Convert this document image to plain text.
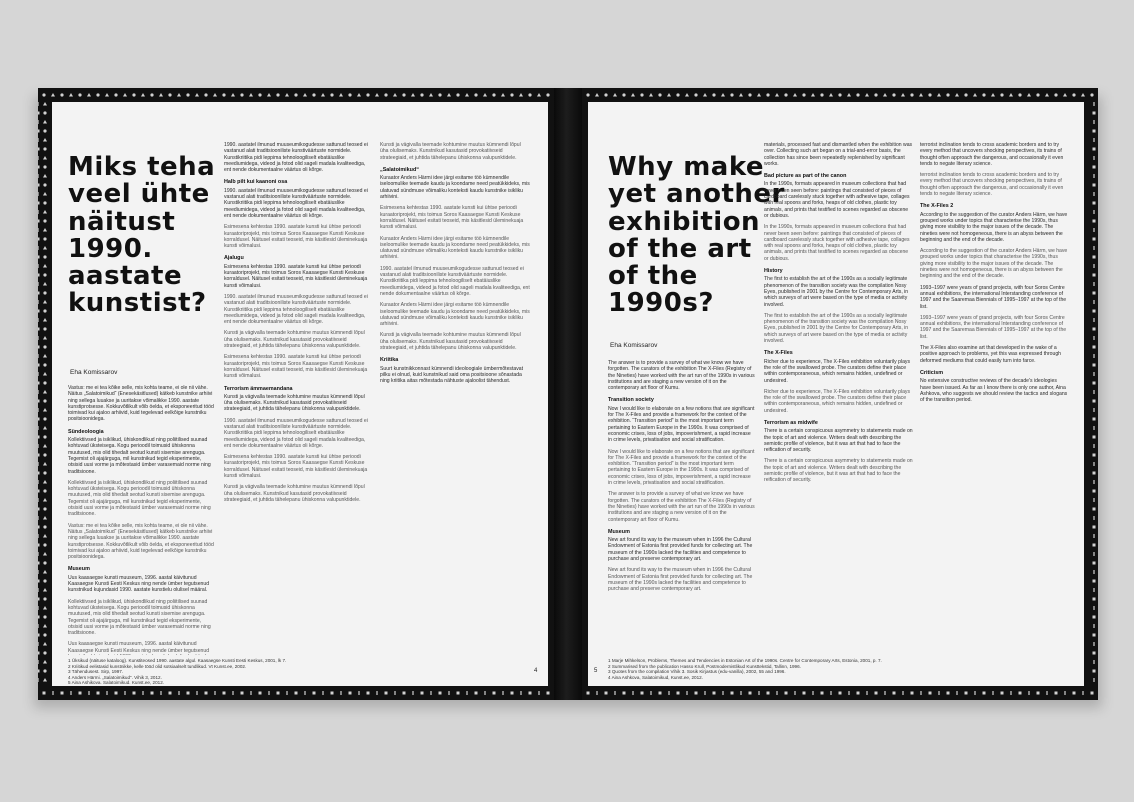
Miks teha veel ühte näitust 1990. aastate kunstist?
Eha Komissarov

Vastus: me ei tea kõike selle, mis kohta teame, ei ole nii vähe. Näitus „Salatoimikud“ (Enesekäsitlused) kätkeb kunstnike arhiivi ning sellega luuakse ja uuritakse võimalikke 1990. aastate kunstiprotsesse. Kokkuvõtlikult võib öelda, et eksponeeritud tööd toimivad kui ajaloo arhiivid, kuid tegelevad eelkõige kunstniku positsioonidega.

Sündeoloogia

Kollektiivsed ja isiklikud, ühiskondlikud ning poliitilised suunad kohtuvad üksteisega. Kogu perioodil toimusid ühiskonna muutused, mis olid tihedalt seotud kunsti sisemise arenguga. Tegemist oli ajajärguga, mil kunstnikud tegid eksperimente, otsisid uusi vorme ja mõtestasid ümber varasemaid norme ning traditsioone.

Kollektiivsed ja isiklikud, ühiskondlikud ning poliitilised suunad kohtuvad üksteisega. Kogu perioodil toimusid ühiskonna muutused, mis olid tihedalt seotud kunsti sisemise arenguga. Tegemist oli ajajärguga, mil kunstnikud tegid eksperimente, otsisid uusi vorme ja mõtestasid ümber varasemaid norme ning traditsioone.

Vastus: me ei tea kõike selle, mis kohta teame, ei ole nii vähe. Näitus „Salatoimikud“ (Enesekäsitlused) kätkeb kunstnike arhiivi ning sellega luuakse ja uuritakse võimalikke 1990. aastate kunstiprotsesse. Kokkuvõtlikult võib öelda, et eksponeeritud tööd toimivad kui ajaloo arhiivid, kuid tegelevad eelkõige kunstniku positsioonidega.

Museum

Uus kaasaegse kunsti muuseum, 1996. aastal käivitunud Kaasaegse Kunsti Eesti Keskus ning nende ümber tegutsenud kunstnikud kujundasid 1990. aastate kunstielu olulisel määral.

Kollektiivsed ja isiklikud, ühiskondlikud ning poliitilised suunad kohtuvad üksteisega. Kogu perioodil toimusid ühiskonna muutused, mis olid tihedalt seotud kunsti sisemise arenguga. Tegemist oli ajajärguga, mil kunstnikud tegid eksperimente, otsisid uusi vorme ja mõtestasid ümber varasemaid norme ning traditsioone.

Uus kaasaegse kunsti muuseum, 1996. aastal käivitunud Kaasaegse Kunsti Eesti Keskus ning nende ümber tegutsenud

1990. aastatel ilmunud muuseumikogudesse sattunud teosed ei vastanud alati traditsiooniliste kunstiväärtuste normidele. Kunstikriitika pidi leppima tehnoloogiliselt ebatäiuslike meediumidega, videod ja fotod olid sageli madala kvaliteediga, ent nende dokumentaalne väärtus oli kõrge.

Halb pilt kui kaanoni osa

1990. aastatel ilmunud muuseumikogudesse sattunud teosed ei vastanud alati traditsiooniliste kunstiväärtuste normidele. Kunstikriitika pidi leppima tehnoloogiliselt ebatäiuslike meediumidega, videod ja fotod olid sageli madala kvaliteediga, ent nende dokumentaalne väärtus oli kõrge.

Esimesena kehtestas 1990. aastate kunsti kui ühtse perioodi kuraatoriprojekt, mis toimus Soros Kaasaegse Kunsti Keskuse korraldusel. Näitusel esitati teoseid, mis käsitlesid üleminekuaja kunsti võimalusi.

Ajalugu

Esimesena kehtestas 1990. aastate kunsti kui ühtse perioodi kuraatoriprojekt, mis toimus Soros Kaasaegse Kunsti Keskuse korraldusel. Näitusel esitati teoseid, mis käsitlesid üleminekuaja kunsti võimalusi.

1990. aastatel ilmunud muuseumikogudesse sattunud teosed ei vastanud alati traditsiooniliste kunstiväärtuste normidele. Kunstikriitika pidi leppima tehnoloogiliselt ebatäiuslike meediumidega, videod ja fotod olid sageli madala kvaliteediga, ent nende dokumentaalne väärtus oli kõrge.

Kunsti ja vägivalla teemade kohtumine muutus kümnendi lõpul üha olulisemaks. Kunstnikud kasutasid provokatiivseid strateegiaid, et juhtida tähelepanu ühiskonna valupunktidele.

Esimesena kehtestas 1990. aastate kunsti kui ühtse perioodi kuraatoriprojekt, mis toimus Soros Kaasaegse Kunsti Keskuse korraldusel. Näitusel esitati teoseid, mis käsitlesid üleminekuaja kunsti võimalusi.

Terrorism ämmaemandana

Kunsti ja vägivalla teemade kohtumine muutus kümnendi lõpul üha olulisemaks. Kunstnikud kasutasid provokatiivseid strateegiaid, et juhtida tähelepanu ühiskonna valupunktidele.

1990. aastatel ilmunud muuseumikogudesse sattunud teosed ei vastanud alati traditsiooniliste kunstiväärtuste normidele. Kunstikriitika pidi leppima tehnoloogiliselt ebatäiuslike meediumidega, videod ja fotod olid sageli madala kvaliteediga, ent nende dokumentaalne väärtus oli kõrge.

Esimesena kehtestas 1990. aastate kunsti kui ühtse perioodi kuraatoriprojekt, mis toimus Soros Kaasaegse Kunsti Keskuse korraldusel. Näitusel esitati teoseid, mis käsitlesid üleminekuaja kunsti võimalusi.

Kunsti ja vägivalla teemade kohtumine muutus kümnendi lõpul üha olulisemaks. Kunstnikud kasutasid provokatiivseid strateegiaid, et juhtida tähelepanu ühiskonna valupunktidele.

Kunsti ja vägivalla teemade kohtumine muutus kümnendi lõpul üha olulisemaks. Kunstnikud kasutasid provokatiivseid strateegiaid, et juhtida tähelepanu ühiskonna valupunktidele.

„Salatoimikud“

Kuraator Anders Härmi idee järgi esitame töö kümnendile iseloomulike teemade kaudu ja koondame need peatükkideks, mis ulatuvad sündmuse võimaliku konteksti kaudu kunstnike isikliku arhiivini.

Esimesena kehtestas 1990. aastate kunsti kui ühtse perioodi kuraatoriprojekt, mis toimus Soros Kaasaegse Kunsti Keskuse korraldusel. Näitusel esitati teoseid, mis käsitlesid üleminekuaja kunsti võimalusi.

Kuraator Anders Härmi idee järgi esitame töö kümnendile iseloomulike teemade kaudu ja koondame need peatükkideks, mis ulatuvad sündmuse võimaliku konteksti kaudu kunstnike isikliku arhiivini.

1990. aastatel ilmunud muuseumikogudesse sattunud teosed ei vastanud alati traditsiooniliste kunstiväärtuste normidele. Kunstikriitika pidi leppima tehnoloogiliselt ebatäiuslike meediumidega, videod ja fotod olid sageli madala kvaliteediga, ent nende dokumentaalne väärtus oli kõrge.

Kuraator Anders Härmi idee järgi esitame töö kümnendile iseloomulike teemade kaudu ja koondame need peatükkideks, mis ulatuvad sündmuse võimaliku konteksti kaudu kunstnike isikliku arhiivini.

Kunsti ja vägivalla teemade kohtumine muutus kümnendi lõpul üha olulisemaks. Kunstnikud kasutasid provokatiivseid strateegiaid, et juhtida tähelepanu ühiskonna valupunktidele.

Kriitika

Suurt kunstnikkonnast kümnendi ideoloogiale ümbermõtestavat pilku ei olnud, kuid kunstnikud said oma positsioone sõnastada ning kriitika aitas mõtestada nähtuste ajaloolist tähendust.

1 Üksikud (näituse kataloog). Kunstiteosed 1990. aastate algul. Kaasaegse Kunsti Eesti Keskus, 2001, lk 7.
2 Kriitikud eelistasid kunstnikke, kelle tööd olid sotsiaalselt tundlikud. Vt Kunst.ee, 2002.
3 Tähendusest. Sirp, 1997.
4 Anders Härmi. „Salatoimikud“. Vihik 3, 2012.
5 Aina Ashikova. Salatoimikud. Kunst.ee, 2012.
4
Why make yet another exhibition of the art of the 1990s?
Eha Komissarov

The answer is to provide a survey of what we know we have forgotten. The curators of the exhibition The X-Files (Registry of the Nineties) have worked with the art run of the 1990s in various institutions and are staging a new version of it on the contemporary art floor of Kumu.

Transition society

Now I would like to elaborate on a few notions that are significant for The X-Files and provide a framework for the context of the exhibition. “Transition period” is the most important term pertaining to Eastern Europe in the 1990s. It was comprised of economic crises, loss of jobs, impoverishment, a rapid increase in crime levels, privatisation and social stratification.

Now I would like to elaborate on a few notions that are significant for The X-Files and provide a framework for the context of the exhibition. “Transition period” is the most important term pertaining to Eastern Europe in the 1990s. It was comprised of economic crises, loss of jobs, impoverishment, a rapid increase in crime levels, privatisation and social stratification.

The answer is to provide a survey of what we know we have forgotten. The curators of the exhibition The X-Files (Registry of the Nineties) have worked with the art run of the 1990s in various institutions and are staging a new version of it on the contemporary art floor of Kumu.

Museum

New art found its way to the museum when in 1996 the Cultural Endowment of Estonia first provided funds for collecting art. The museum of the 1990s lacked the facilities and competence to purchase and preserve contemporary art.

New art found its way to the museum when in 1996 the Cultural Endowment of Estonia first provided funds for collecting art. The museum of the 1990s lacked the facilities and competence to purchase and preserve contemporary art.

materials, processed fast and dismantled when the exhibition was over. Collecting such art began on a trial-and-error basis, the collection has since been repeatedly replenished by significant works.

Bad picture as part of the canon

In the 1990s, formats appeared in museum collections that had never been seen before: paintings that consisted of pieces of cardboard carelessly stuck together with adhesive tape, collages with real spoons and forks, heaps of old clothes, plastic toy animals, and prints that testified to scenes regarded as obscene or dubious.

In the 1990s, formats appeared in museum collections that had never been seen before: paintings that consisted of pieces of cardboard carelessly stuck together with adhesive tape, collages with real spoons and forks, heaps of old clothes, plastic toy animals, and prints that testified to scenes regarded as obscene or dubious.

History

The first to establish the art of the 1990s as a socially legitimate phenomenon of the transition society was the compilation Nosy Eyes, published in 2001 by the Centre for Contemporary Arts, in which surveys of art were based on the type of media or activity involved.

The first to establish the art of the 1990s as a socially legitimate phenomenon of the transition society was the compilation Nosy Eyes, published in 2001 by the Centre for Contemporary Arts, in which surveys of art were based on the type of media or activity involved.

The X-Files

Richer due to experience, The X-Files exhibition voluntarily plays the role of the swallowed probe. The curators define their place within contemporaneous, which remains hidden, undefined or undesired.

Richer due to experience, The X-Files exhibition voluntarily plays the role of the swallowed probe. The curators define their place within contemporaneous, which remains hidden, undefined or undesired.

Terrorism as midwife

There is a certain conspicuous asymmetry to statements made on the topic of art and violence. Writers dealt with describing the semiotic profile of violence, but it was art that had to face the reification of security.

There is a certain conspicuous asymmetry to statements made on the topic of art and violence. Writers dealt with describing the semiotic profile of violence, but it was art that had to face the reification of security.

terrorist inclination tends to cross academic borders and to try every method that uncovers shocking perspectives, its trains of thought often approach the dangerous, and occasionally it even tends to negate literary science.

terrorist inclination tends to cross academic borders and to try every method that uncovers shocking perspectives, its trains of thought often approach the dangerous, and occasionally it even tends to negate literary science.

The X-Files 2

According to the suggestion of the curator Anders Härm, we have grouped works under topics that characterise the 1990s, thus giving more visibility to the major issues of the decade. The nineties were not homogeneous, there is an abyss between the beginning and the end of the decade.

According to the suggestion of the curator Anders Härm, we have grouped works under topics that characterise the 1990s, thus giving more visibility to the major issues of the decade. The nineties were not homogeneous, there is an abyss between the beginning and the end of the decade.

1993–1997 were years of grand projects, with four Soros Centre annual exhibitions, the international Interstanding conference of 1997 and the Saaremaa Biennials of 1995–1997 at the top of the list.

1993–1997 were years of grand projects, with four Soros Centre annual exhibitions, the international Interstanding conference of 1997 and the Saaremaa Biennials of 1995–1997 at the top of the list.

The X-Files also examine art that developed in the wake of a positive approach to problems, yet this was expressed through deformed mediums that could easily turn into farce.

Criticism

No extensive constructive reviews of the decade's ideologies have been issued. As far as I know there is only one author, Aina Ashkova, who suggests we should review the tactics and slogans of the transition period.

1 Marje Mihkelson, Problems, Themes and Tendencies in Estonian Art of the 1990s. Centre for Contemporary Arts, Estonia, 2001, p. 7.
2 Summarised from the publication Hasso Krull, Postmodernistlikud Kunsttekstid, Tallinn, 1996.
3 Quotes from the compilation Vihik 3. Sosik Kirjastus (edu-vanilla), 2002, 55 and 1996.
4 Aina Ashkova, Salatoimikud, Kunst.ee, 2012.
5
